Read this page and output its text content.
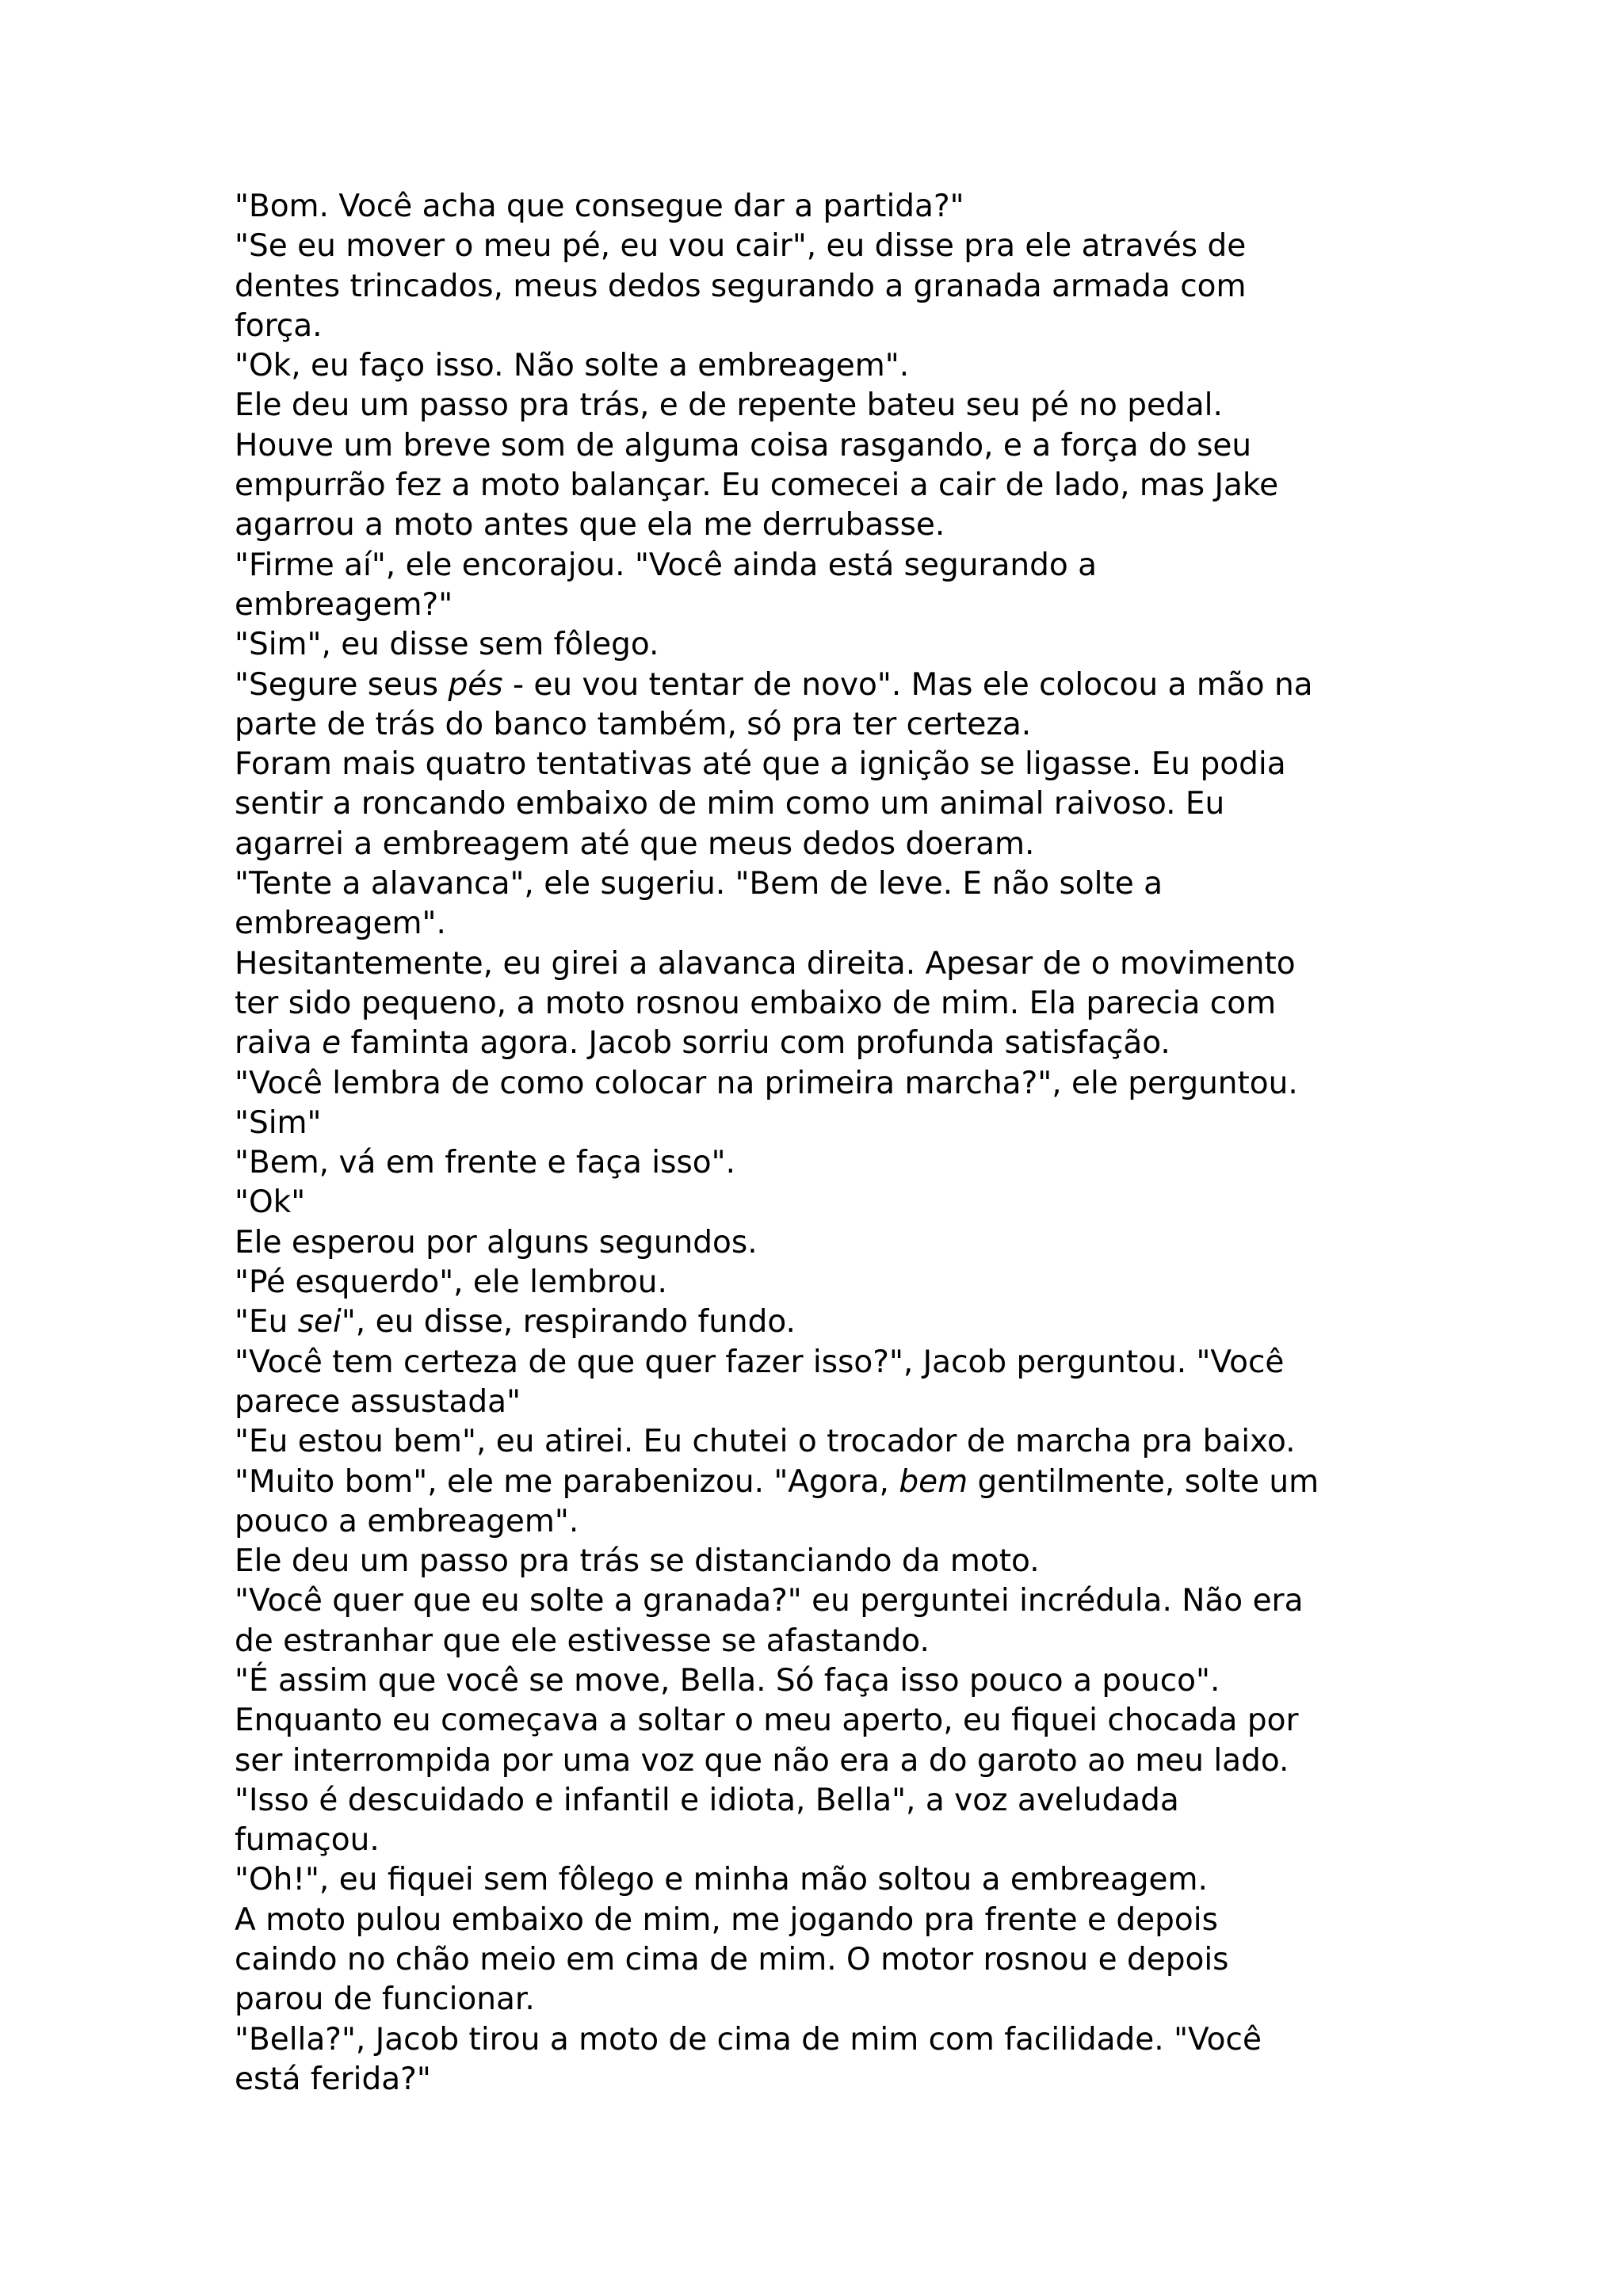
"Bom. Você acha que consegue dar a partida?"
"Se eu mover o meu pé, eu vou cair", eu disse pra ele através de
dentes trincados, meus dedos segurando a granada armada com
força.
"Ok, eu faço isso. Não solte a embreagem".
Ele deu um passo pra trás, e de repente bateu seu pé no pedal.
Houve um breve som de alguma coisa rasgando, e a força do seu
empurrão fez a moto balançar. Eu comecei a cair de lado, mas Jake
agarrou a moto antes que ela me derrubasse.
"Firme aí", ele encorajou. "Você ainda está segurando a
embreagem?"
"Sim", eu disse sem fôlego.
"Segure seus pés - eu vou tentar de novo". Mas ele colocou a mão na
parte de trás do banco também, só pra ter certeza.
Foram mais quatro tentativas até que a ignição se ligasse. Eu podia
sentir a roncando embaixo de mim como um animal raivoso. Eu
agarrei a embreagem até que meus dedos doeram.
"Tente a alavanca", ele sugeriu. "Bem de leve. E não solte a
embreagem".
Hesitantemente, eu girei a alavanca direita. Apesar de o movimento
ter sido pequeno, a moto rosnou embaixo de mim. Ela parecia com
raiva e faminta agora. Jacob sorriu com profunda satisfação.
"Você lembra de como colocar na primeira marcha?", ele perguntou.
"Sim"
"Bem, vá em frente e faça isso".
"Ok"
Ele esperou por alguns segundos.
"Pé esquerdo", ele lembrou.
"Eu sei", eu disse, respirando fundo.
"Você tem certeza de que quer fazer isso?", Jacob perguntou. "Você
parece assustada"
"Eu estou bem", eu atirei. Eu chutei o trocador de marcha pra baixo.
"Muito bom", ele me parabenizou. "Agora, bem gentilmente, solte um
pouco a embreagem".
Ele deu um passo pra trás se distanciando da moto.
"Você quer que eu solte a granada?" eu perguntei incrédula. Não era
de estranhar que ele estivesse se afastando.
"É assim que você se move, Bella. Só faça isso pouco a pouco".
Enquanto eu começava a soltar o meu aperto, eu fiquei chocada por
ser interrompida por uma voz que não era a do garoto ao meu lado.
"Isso é descuidado e infantil e idiota, Bella", a voz aveludada
fumaçou.
"Oh!", eu fiquei sem fôlego e minha mão soltou a embreagem.
A moto pulou embaixo de mim, me jogando pra frente e depois
caindo no chão meio em cima de mim. O motor rosnou e depois
parou de funcionar.
"Bella?", Jacob tirou a moto de cima de mim com facilidade. "Você
está ferida?"
